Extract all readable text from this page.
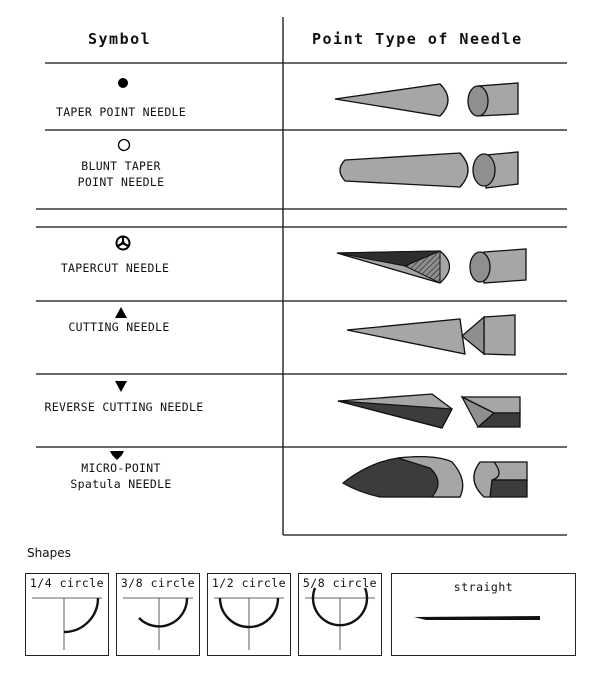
Symbol	Point Type of Needle
TAPER POINT NEEDLE
BLUNT TAPER
POINT NEEDLE
TAPERCUT NEEDLE
CUTTING NEEDLE
REVERSE CUTTING NEEDLE
MICRO-POINT
Spatula NEEDLE
Shapes
1/4 circle	3/8 circle	1/2 circle	5/8 circle	straight
